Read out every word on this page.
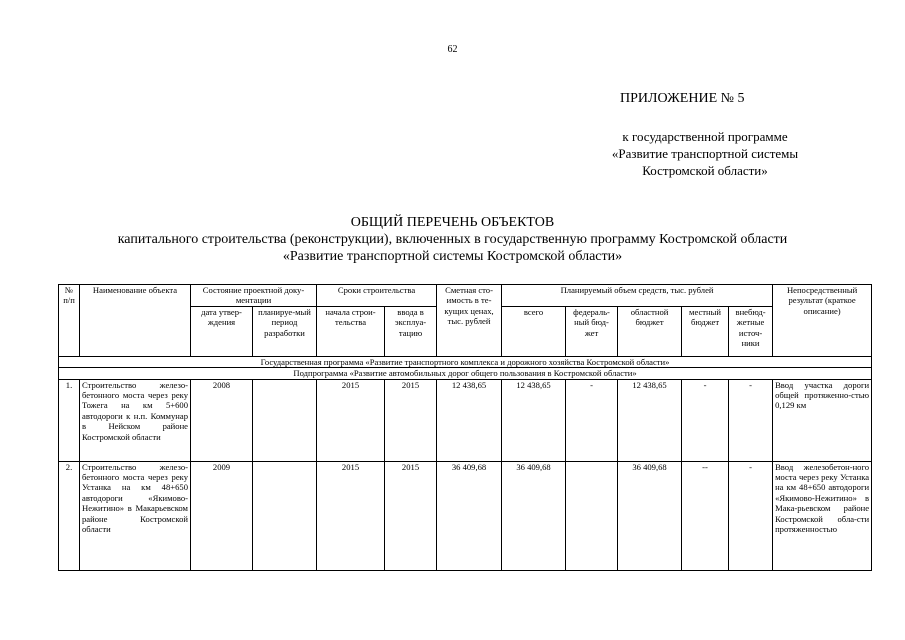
62
ПРИЛОЖЕНИЕ № 5
к государственной программе
«Развитие транспортной системы
Костромской области»
ОБЩИЙ ПЕРЕЧЕНЬ ОБЪЕКТОВ
капитального строительства (реконструкции), включенных в государственную программу Костромской области
«Развитие транспортной системы Костромской области»
№ п/п	Наименование объекта	Состояние проектной доку-ментации		Сроки строительства		Сметная сто-имость в те-кущих ценах, тыс. рублей	Планируемый объем средств, тыс. рублей					Непосредственный результат (краткое описание)
		дата утвер-ждения	планируе-мый период разработки	начала строи-тельства	ввода в эксплуа-тацию		всего	федераль-ный бюд-жет	областной бюджет	местный бюджет	внебюд-жетные источ-ники	
Государственная программа «Развитие транспортного комплекса и дорожного хозяйства Костромской области»												
Подпрограмма «Развитие автомобильных дорог общего пользования в Костромской области»												
1.	Строительство железо-бетонного моста через реку Тожега на км 5+600 автодороги к н.п. Коммунар в Нейском районе Костромской области	2008		2015	2015	12 438,65	12 438,65	-	12 438,65	-	-	Ввод участка дороги общей протяженно-стью 0,129 км
2.	Строительство железо-бетонного моста через реку Устанка на км 48+650 автодороги «Якимово-Нежитино» в Макарьевском районе Костромской области	2009		2015	2015	36 409,68	36 409,68		36 409,68	--	-	Ввод железобетон-ного моста через реку Устанка на км 48+650 автодороги «Якимово-Нежитино» в Мака-рьевском районе Костромской обла-сти протяженностью
